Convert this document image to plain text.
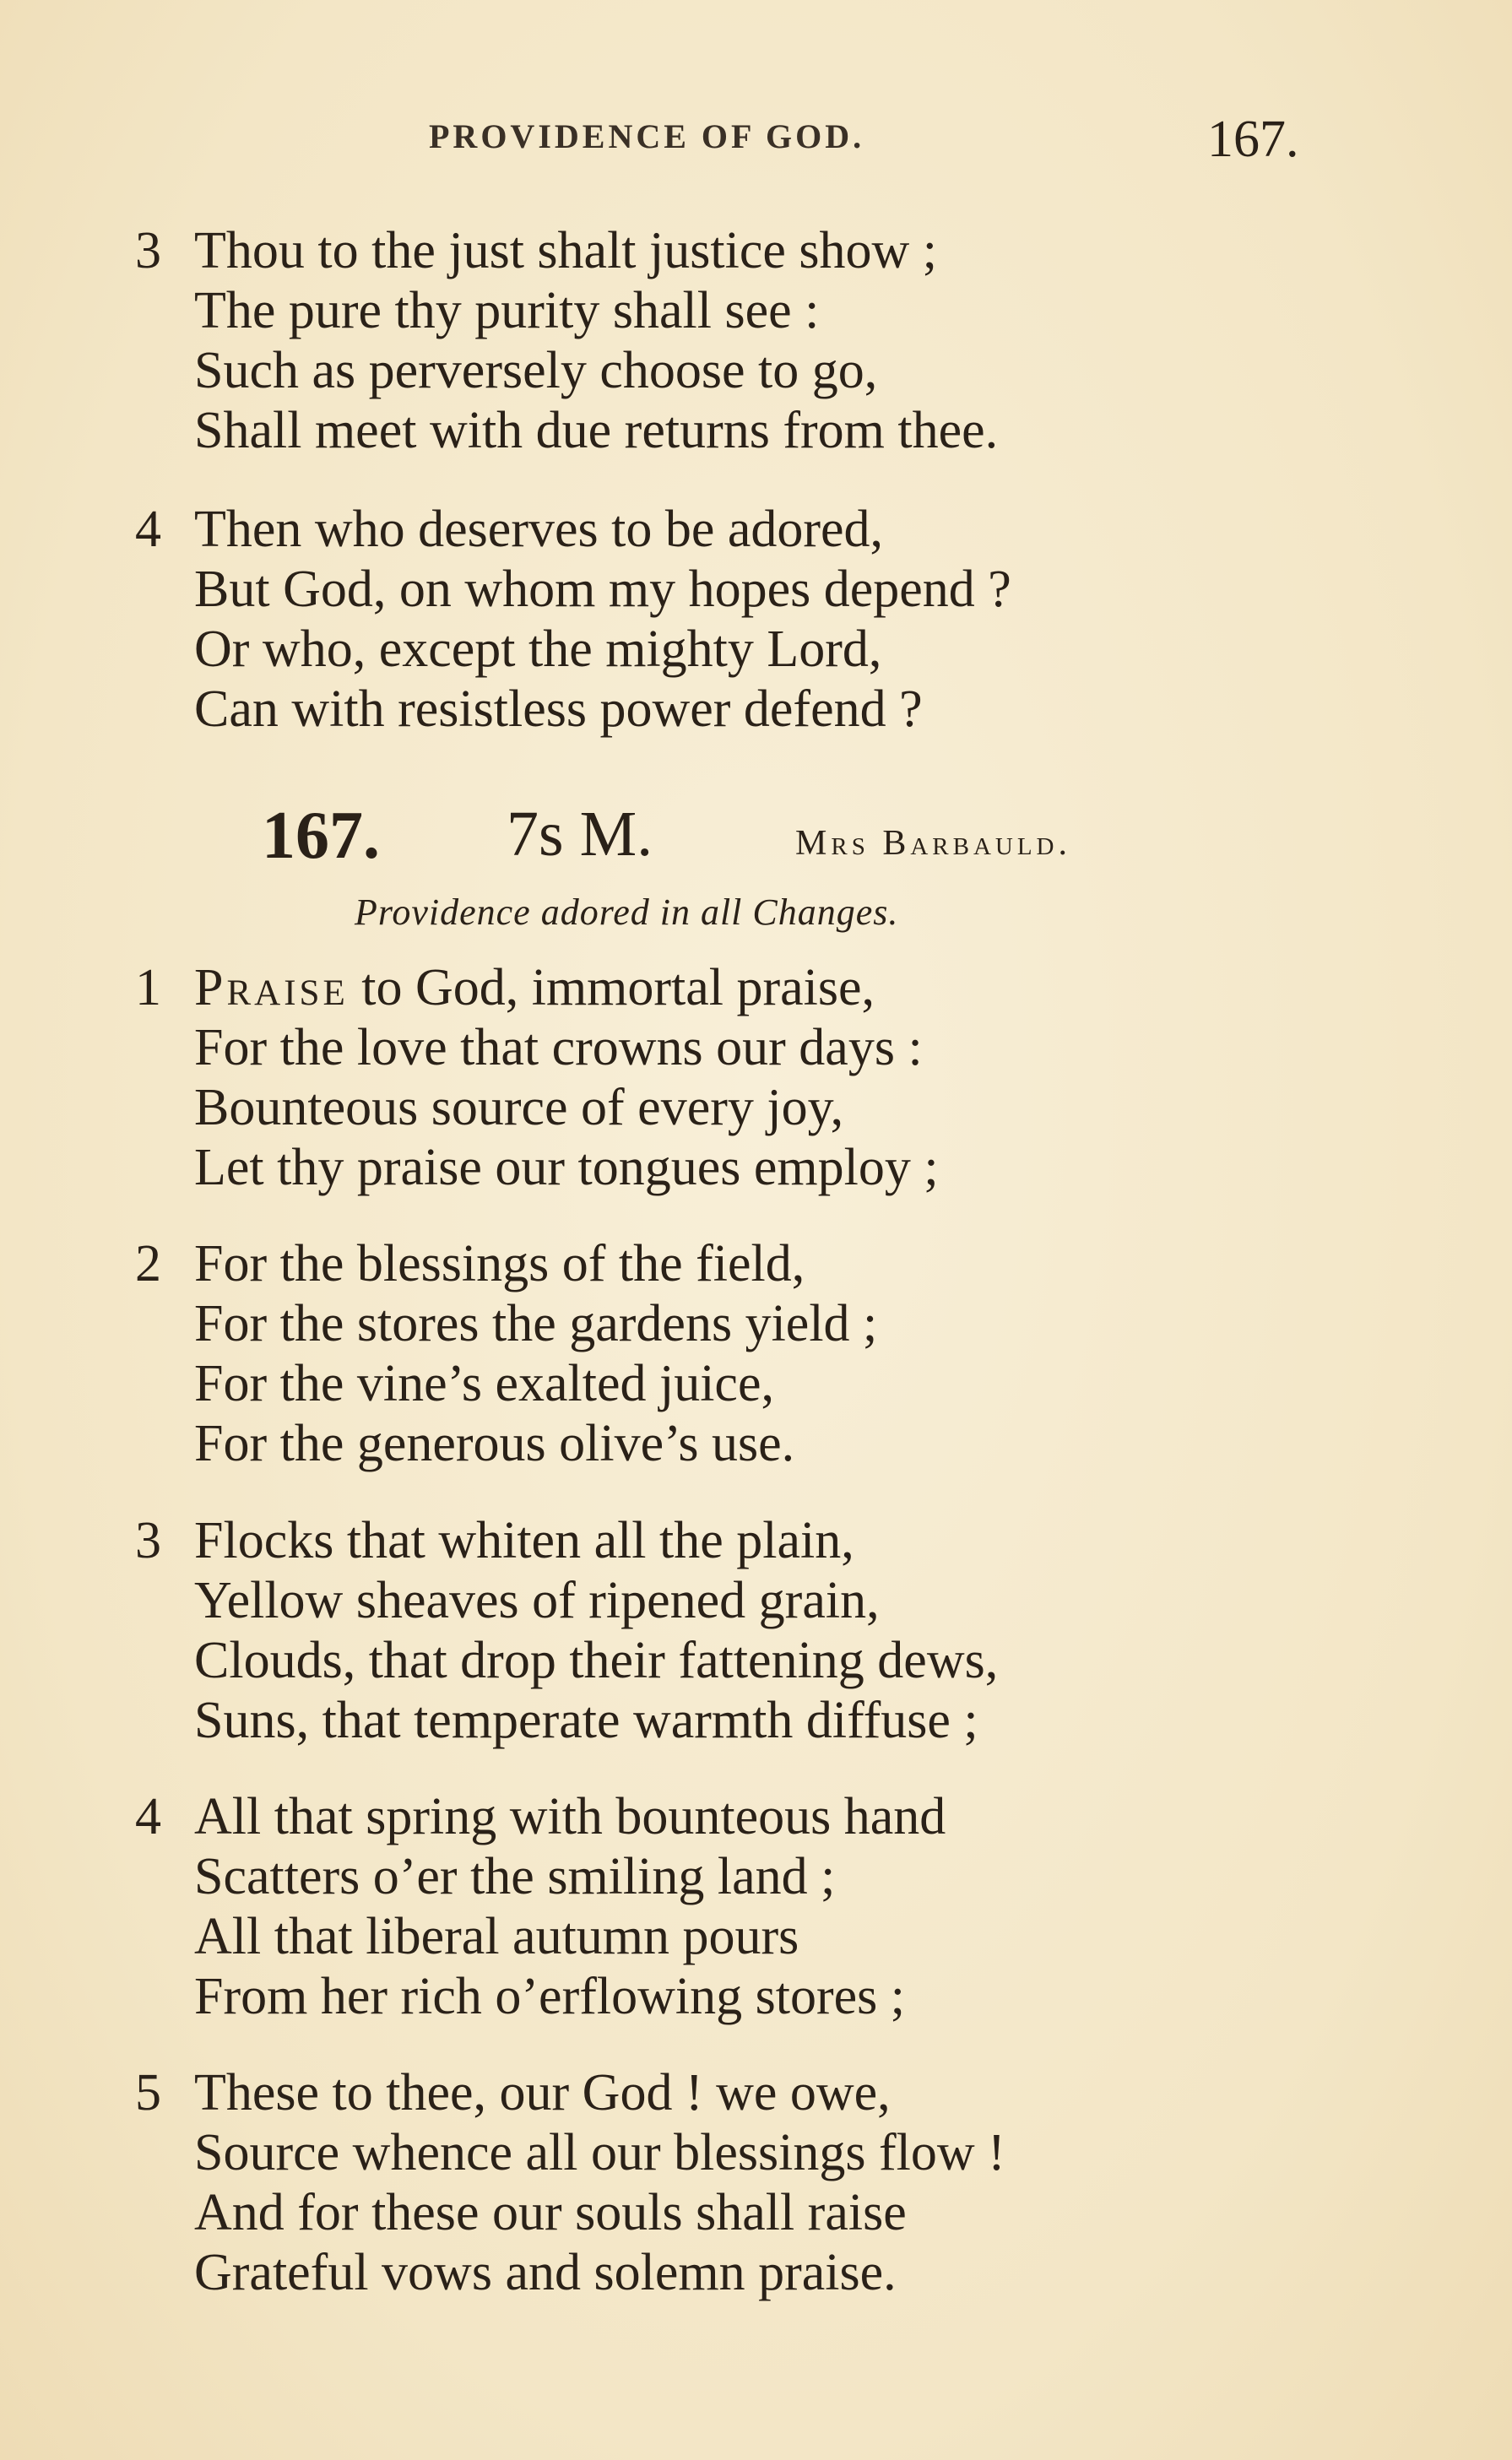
PROVIDENCE OF GOD.	167.
3 Thou to the just shalt justice show ;
The pure thy purity shall see :
Such as perversely choose to go,
Shall meet with due returns from thee.
4 Then who deserves to be adored,
But God, on whom my hopes depend ?
Or who, except the mighty Lord,
Can with resistless power defend ?
167. 7s M.	Mrs Barbauld.
Providence adored in all Changes.
1 Praise to God, immortal praise,
For the love that crowns our days :
Bounteous source of every joy,
Let thy praise our tongues employ ;
2 For the blessings of the field,
For the stores the gardens yield ;
For the vine’s exalted juice,
For the generous olive’s use.
3 Flocks that whiten all the plain,
Yellow sheaves of ripened grain,
Clouds, that drop their fattening dews,
Suns, that temperate warmth diffuse ;
4 All that spring with bounteous hand
Scatters o’er the smiling land ;
All that liberal autumn pours
From her rich o’erflowing stores ;
5 These to thee, our God ! we owe,
Source whence all our blessings flow !
And for these our souls shall raise
Grateful vows and solemn praise.
